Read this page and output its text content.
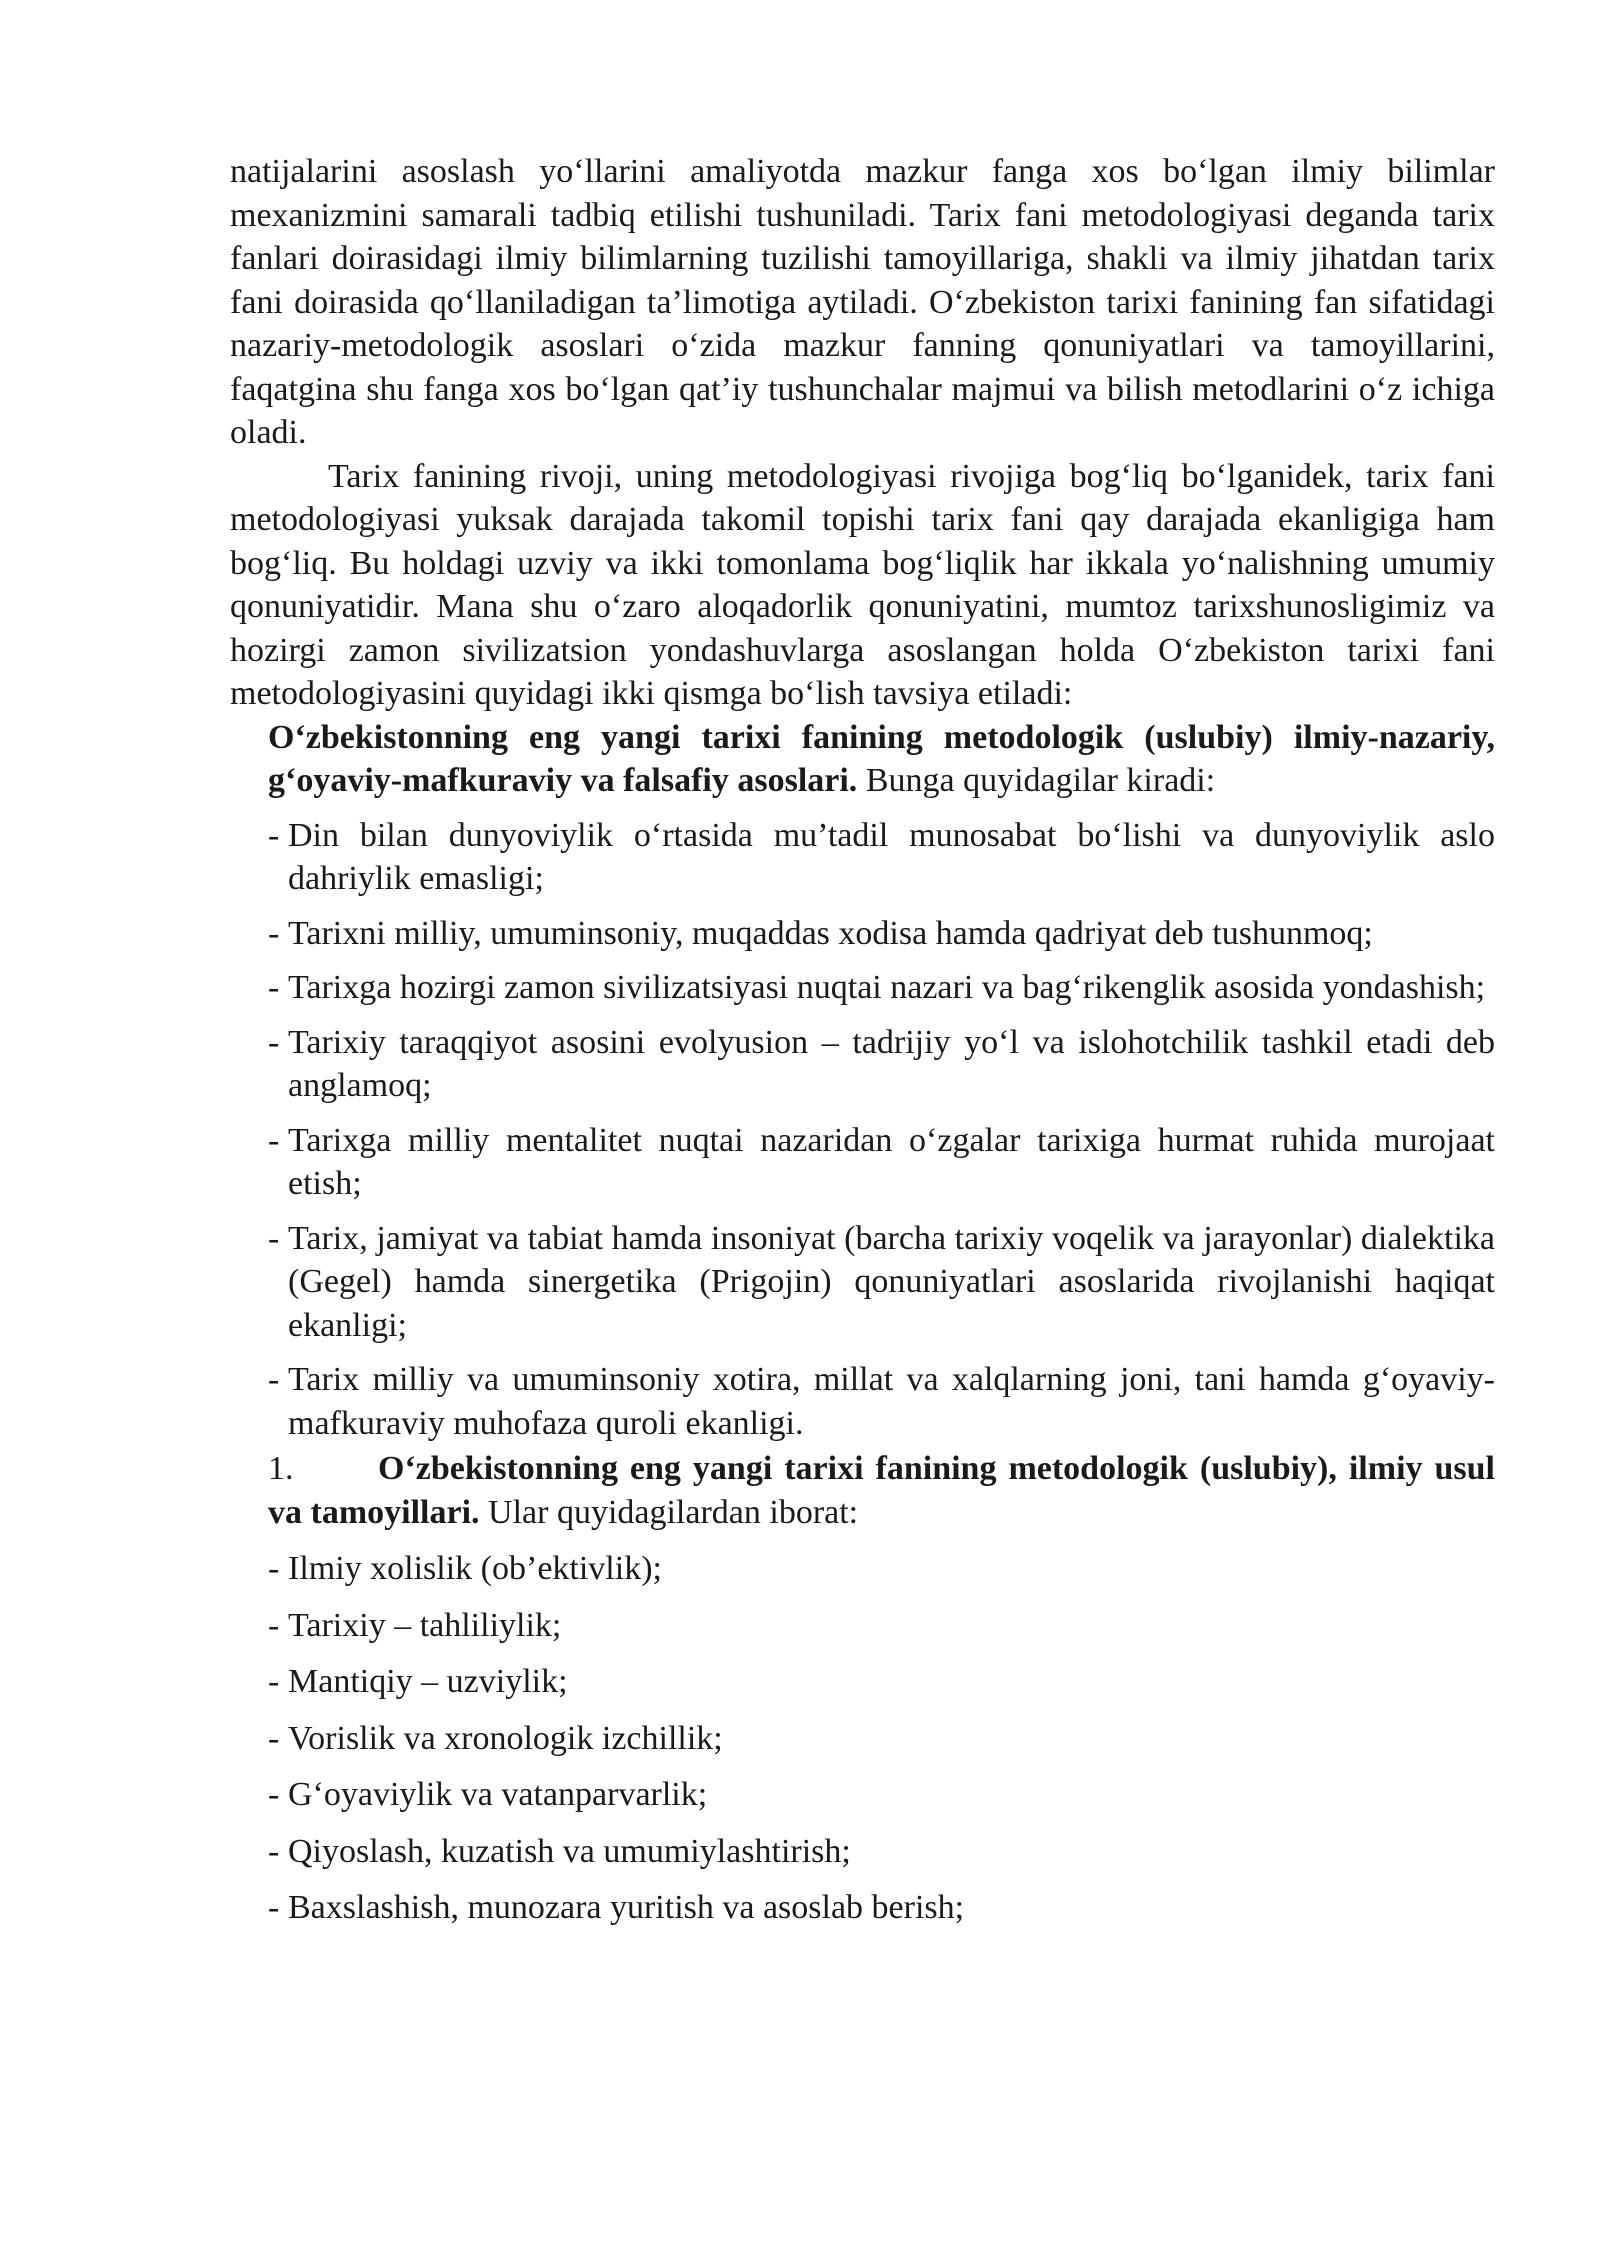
natijalarini asoslash yo‘llarini amaliyotda mazkur fanga xos bo‘lgan ilmiy bilimlar mexanizmini samarali tadbiq etilishi tushuniladi. Tarix fani metodologiyasi deganda tarix fanlari doirasidagi ilmiy bilimlarning tuzilishi tamoyillariga, shakli va ilmiy jihatdan tarix fani doirasida qo‘llaniladigan ta’limotiga aytiladi. O‘zbekiston tarixi fanining fan sifatidagi nazariy-metodologik asoslari o‘zida mazkur fanning qonuniyatlari va tamoyillarini, faqatgina shu fanga xos bo‘lgan qat’iy tushunchalar majmui va bilish metodlarini o‘z ichiga oladi.

Tarix fanining rivoji, uning metodologiyasi rivojiga bog‘liq bo‘lganidek, tarix fani metodologiyasi yuksak darajada takomil topishi tarix fani qay darajada ekanligiga ham bog‘liq. Bu holdagi uzviy va ikki tomonlama bog‘liqlik har ikkala yo‘nalishning umumiy qonuniyatidir. Mana shu o‘zaro aloqadorlik qonuniyatini, mumtoz tarixshunosligimiz va hozirgi zamon sivilizatsion yondashuvlarga asoslangan holda O‘zbekiston tarixi fani metodologiyasini quyidagi ikki qismga bo‘lish tavsiya etiladi:

O‘zbekistonning eng yangi tarixi fanining metodologik (uslubiy) ilmiy-nazariy, g‘oyaviy-mafkuraviy va falsafiy asoslari. Bunga quyidagilar kiradi:

- Din bilan dunyoviylik o‘rtasida mu’tadil munosabat bo‘lishi va dunyoviylik aslo dahriylik emasligi;
- Tarixni milliy, umuminsoniy, muqaddas xodisa hamda qadriyat deb tushunmoq;
- Tarixga hozirgi zamon sivilizatsiyasi nuqtai nazari va bag‘rikenglik asosida yondashish;
- Tarixiy taraqqiyot asosini evolyusion – tadrijiy yo‘l va islohotchilik tashkil etadi deb anglamoq;
- Tarixga milliy mentalitet nuqtai nazaridan o‘zgalar tarixiga hurmat ruhida murojaat etish;
- Tarix, jamiyat va tabiat hamda insoniyat (barcha tarixiy voqelik va jarayonlar) dialektika (Gegel) hamda sinergetika (Prigojin) qonuniyatlari asoslarida rivojlanishi haqiqat ekanligi;
- Tarix milliy va umuminsoniy xotira, millat va xalqlarning joni, tani hamda g‘oyaviy-mafkuraviy muhofaza quroli ekanligi.

1. O‘zbekistonning eng yangi tarixi fanining metodologik (uslubiy), ilmiy usul va tamoyillari. Ular quyidagilardan iborat:

- Ilmiy xolislik (ob’ektivlik);
- Tarixiy – tahliliylik;
- Mantiqiy – uzviylik;
- Vorislik va xronologik izchillik;
- G‘oyaviylik va vatanparvarlik;
- Qiyoslash, kuzatish va umumiylashtirish;
- Baxslashish, munozara yuritish va asoslab berish;
